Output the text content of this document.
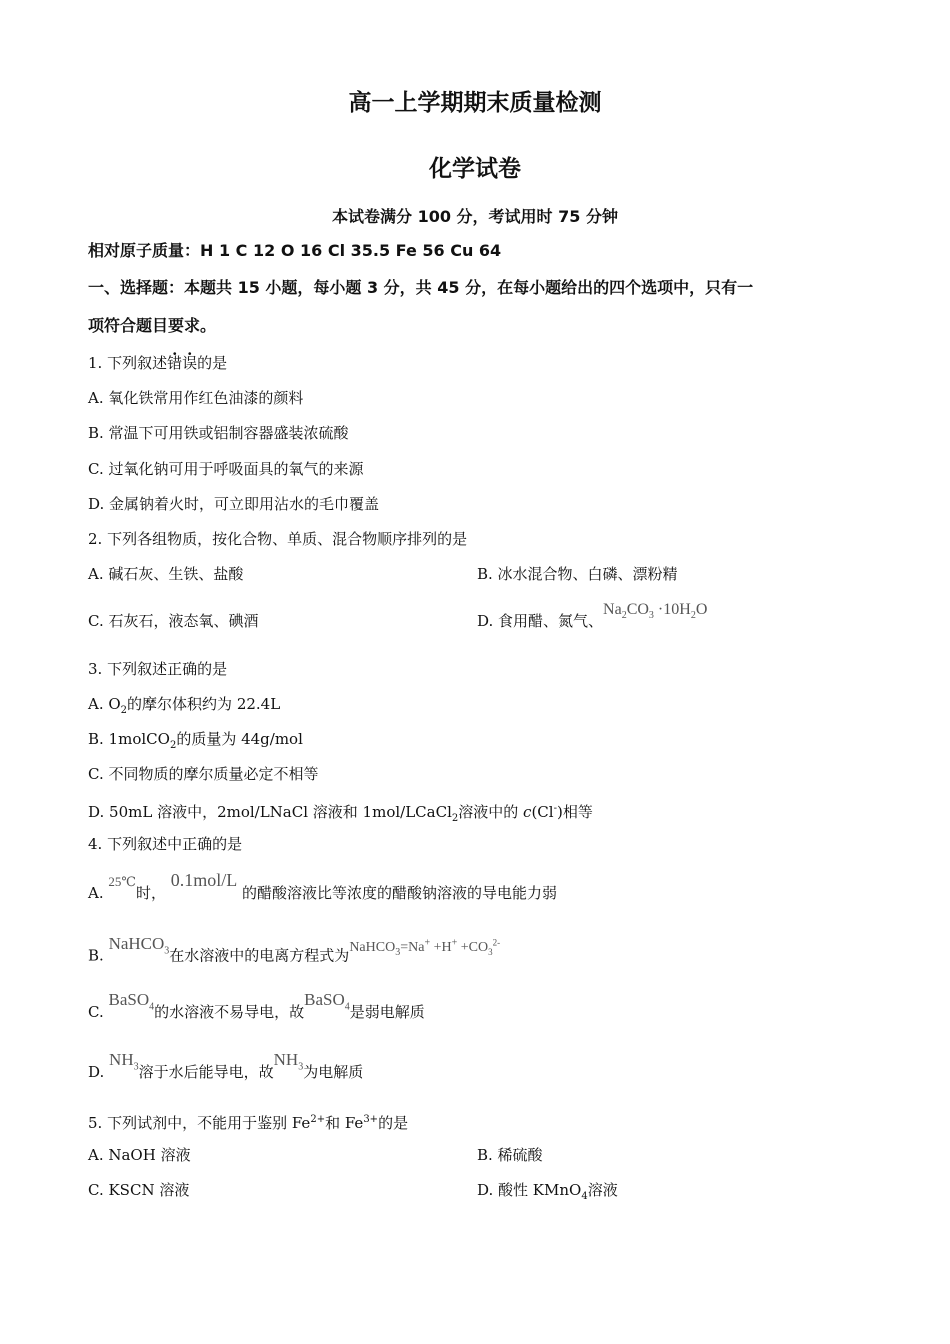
高一上学期期末质量检测
化学试卷
本试卷满分 100 分，考试用时 75 分钟
相对原子质量：H 1 C 12 O 16 Cl 35.5 Fe 56 Cu 64
一、选择题：本题共 15 小题，每小题 3 分，共 45 分，在每小题给出的四个选项中，只有一
项符合题目要求。
1. 下列叙述错误的是
A. 氧化铁常用作红色油漆的颜料
B. 常温下可用铁或铝制容器盛装浓硫酸
C. 过氧化钠可用于呼吸面具的氧气的来源
D. 金属钠着火时，可立即用沾水的毛巾覆盖
2. 下列各组物质，按化合物、单质、混合物顺序排列的是
A. 碱石灰、生铁、盐酸	B. 冰水混合物、白磷、漂粉精
C. 石灰石，液态氧、碘酒	D. 食用醋、氮气、$Na_2CO_3 \cdot 10H_2O$
3. 下列叙述正确的是
A. $O_2$的摩尔体积约为 22.4L
B. 1molCO$_2$的质量为 44g/mol
C. 不同物质的摩尔质量必定不相等
D. 50mL 溶液中，2mol/LNaCl 溶液和 1mol/LCaCl$_2$溶液中的 c(Cl-)相等
4. 下列叙述中正确的是
A. 25℃时， 0.1mol/L 的醋酸溶液比等浓度的醋酸钠溶液的导电能力弱
B. NaHCO$_3$在水溶液中的电离方程式为NaHCO$_3$=Na+ $+H^+ +CO_3^{2-}$
C. BaSO$_4$的水溶液不易导电，故BaSO$_4$是弱电解质
D. $NH_3$溶于水后能导电，故$NH_3$为电解质
5. 下列试剂中，不能用于鉴别 $Fe^{2+}$和 $Fe^{3+}$的是
A. NaOH 溶液	B. 稀硫酸
C. KSCN 溶液	D. 酸性 KMnO$_4$溶液
